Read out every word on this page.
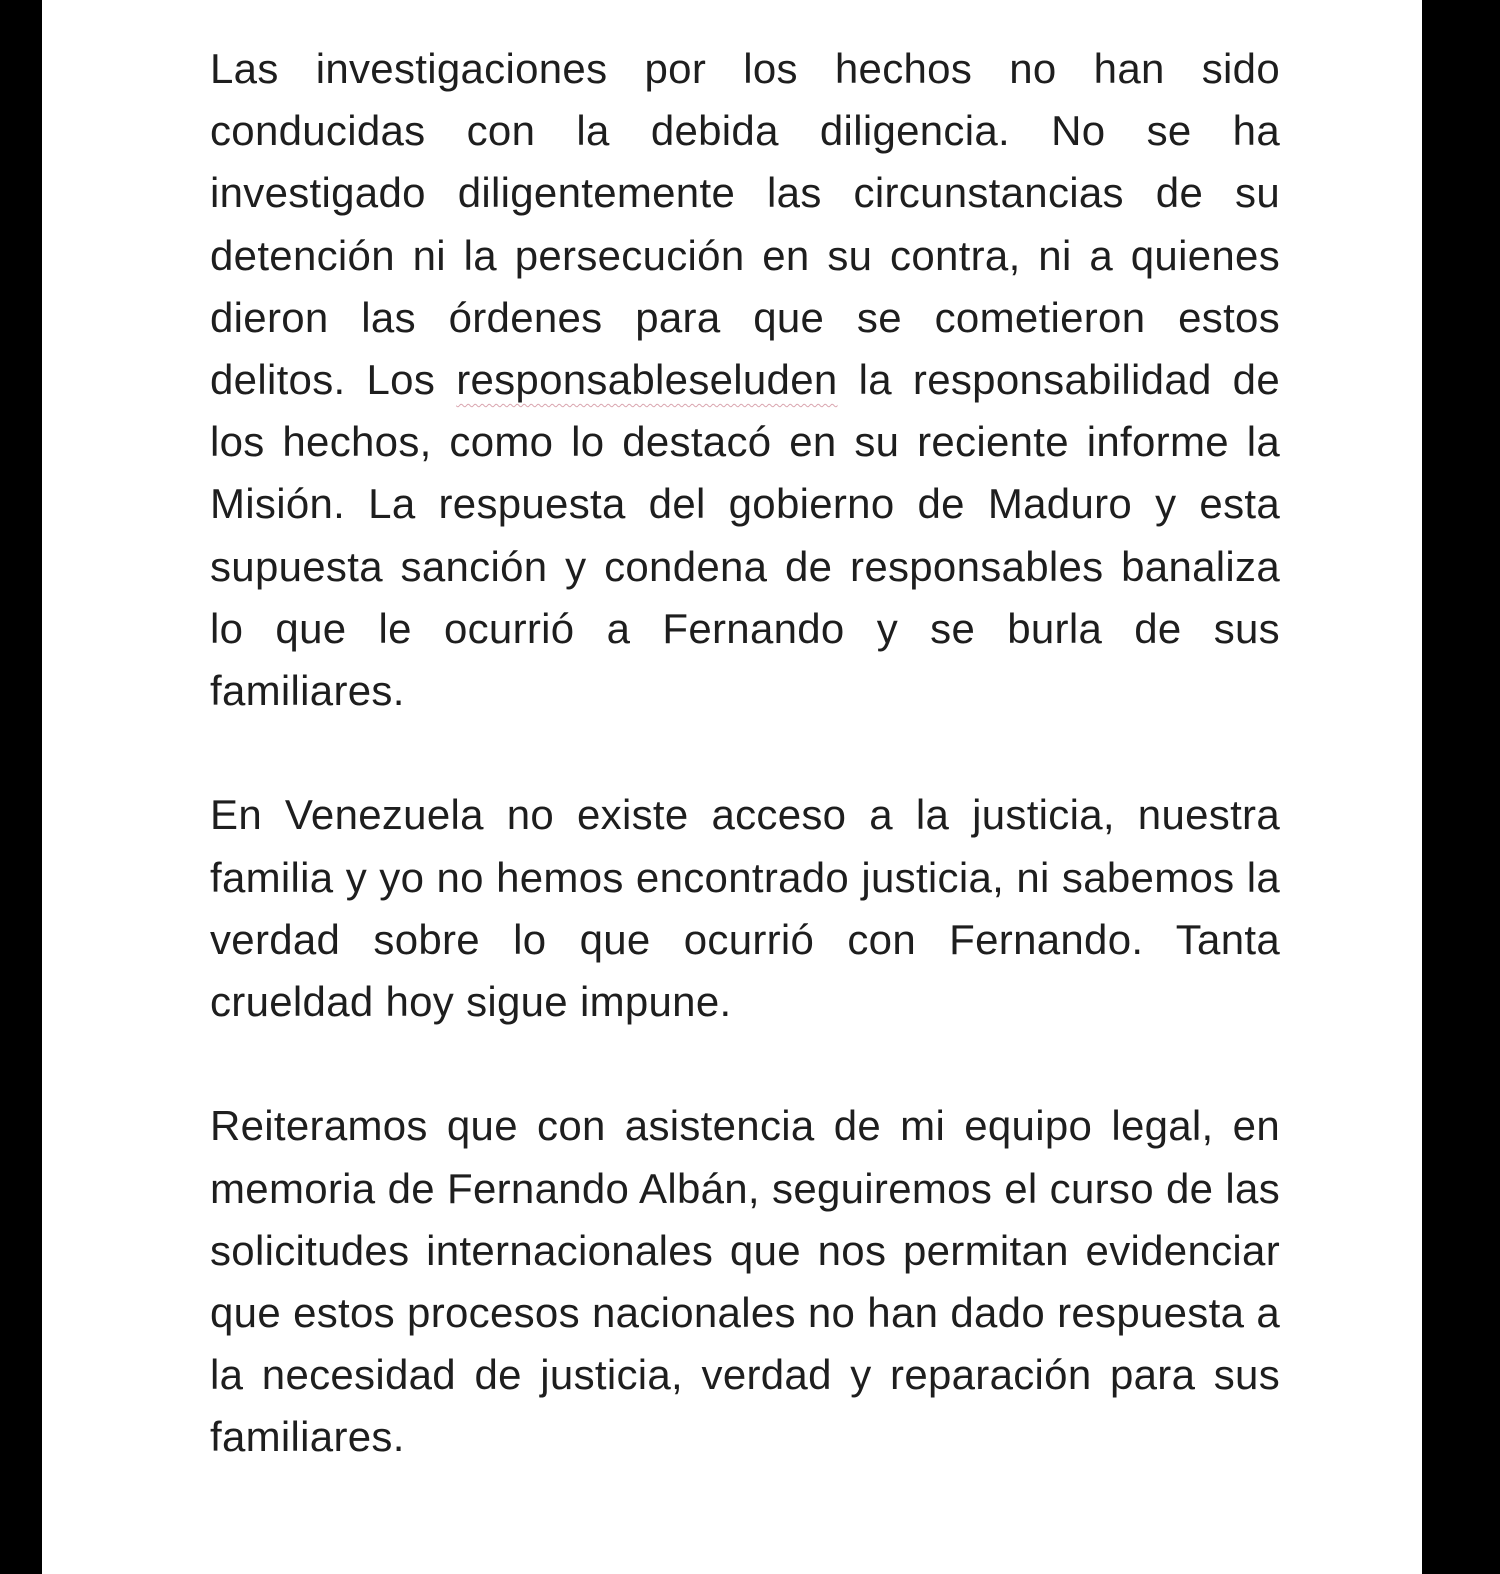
Las investigaciones por los hechos no han sido conducidas con la debida diligencia. No se ha investigado diligentemente las circunstancias de su detención ni la persecución en su contra, ni a quienes dieron las órdenes para que se cometieron estos delitos. Los responsableseluden la responsabilidad de los hechos, como lo destacó en su reciente informe la Misión. La respuesta del gobierno de Maduro y esta supuesta sanción y condena de responsables banaliza lo que le ocurrió a Fernando y se burla de sus familiares.

En Venezuela no existe acceso a la justicia, nuestra familia y yo no hemos encontrado justicia, ni sabemos la verdad sobre lo que ocurrió con Fernando. Tanta crueldad hoy sigue impune.

Reiteramos que con asistencia de mi equipo legal, en memoria de Fernando Albán, seguiremos el curso de las solicitudes internacionales que nos permitan evidenciar que estos procesos nacionales no han dado respuesta a la necesidad de justicia, verdad y reparación para sus familiares.
